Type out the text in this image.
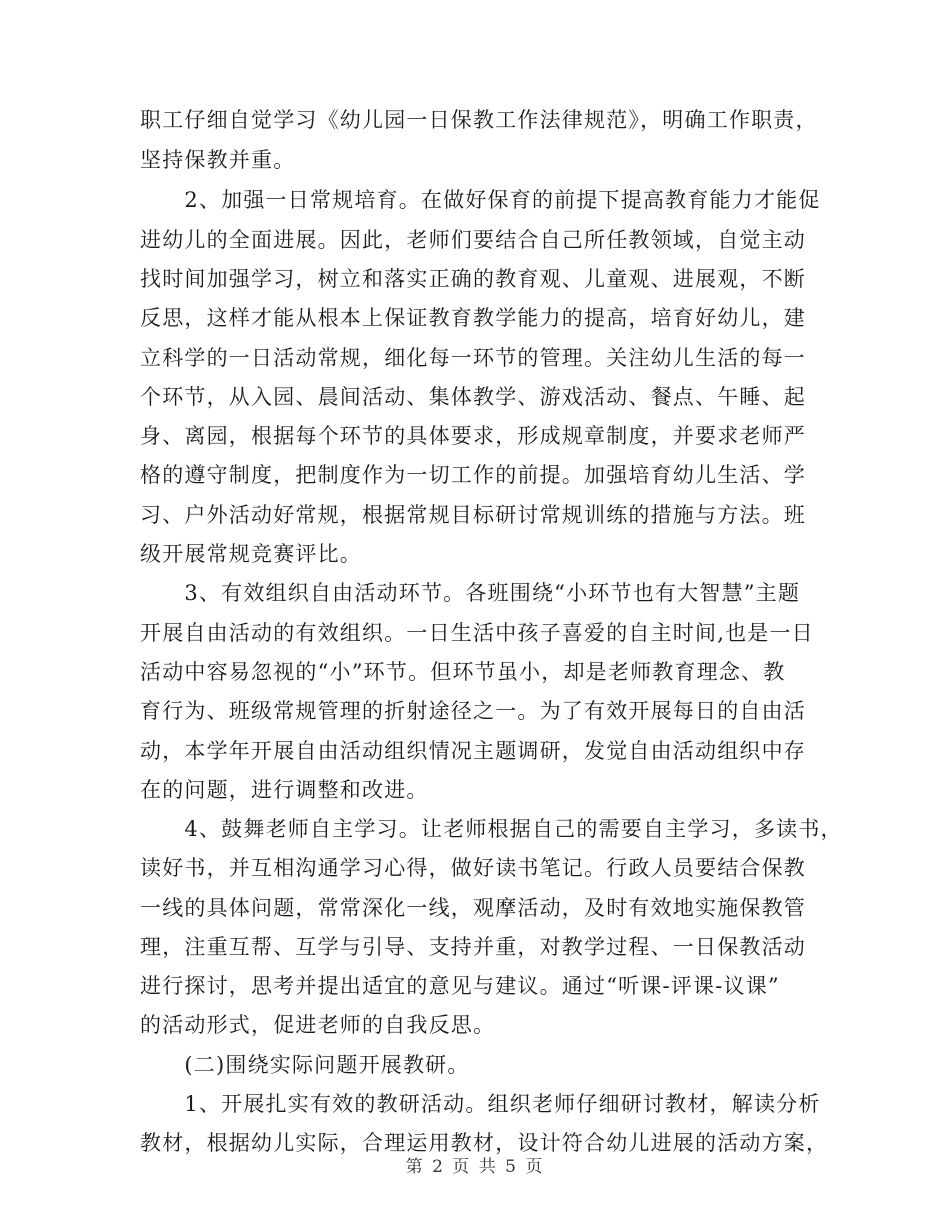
职工仔细自觉学习《幼儿园一日保教工作法律规范》，明确工作职责，
坚持保教并重。
　　2、加强一日常规培育。在做好保育的前提下提高教育能力才能促
进幼儿的全面进展。因此，老师们要结合自己所任教领域，自觉主动
找时间加强学习，树立和落实正确的教育观、儿童观、进展观，不断
反思，这样才能从根本上保证教育教学能力的提高，培育好幼儿，建
立科学的一日活动常规，细化每一环节的管理。关注幼儿生活的每一
个环节，从入园、晨间活动、集体教学、游戏活动、餐点、午睡、起
身、离园，根据每个环节的具体要求，形成规章制度，并要求老师严
格的遵守制度，把制度作为一切工作的前提。加强培育幼儿生活、学
习、户外活动好常规，根据常规目标研讨常规训练的措施与方法。班
级开展常规竞赛评比。
　　3、有效组织自由活动环节。各班围绕“小环节也有大智慧”主题
开展自由活动的有效组织。一日生活中孩子喜爱的自主时间,也是一日
活动中容易忽视的“小”环节。但环节虽小，却是老师教育理念、教
育行为、班级常规管理的折射途径之一。为了有效开展每日的自由活
动，本学年开展自由活动组织情况主题调研，发觉自由活动组织中存
在的问题，进行调整和改进。
　　4、鼓舞老师自主学习。让老师根据自己的需要自主学习，多读书，
读好书，并互相沟通学习心得，做好读书笔记。行政人员要结合保教
一线的具体问题，常常深化一线，观摩活动，及时有效地实施保教管
理，注重互帮、互学与引导、支持并重，对教学过程、一日保教活动
进行探讨，思考并提出适宜的意见与建议。通过“听课-评课-议课”
的活动形式，促进老师的自我反思。
　　(二)围绕实际问题开展教研。
　　1、开展扎实有效的教研活动。组织老师仔细研讨教材，解读分析
第 2 页 共 5 页
教材，根据幼儿实际，合理运用教材，设计符合幼儿进展的活动方案，
